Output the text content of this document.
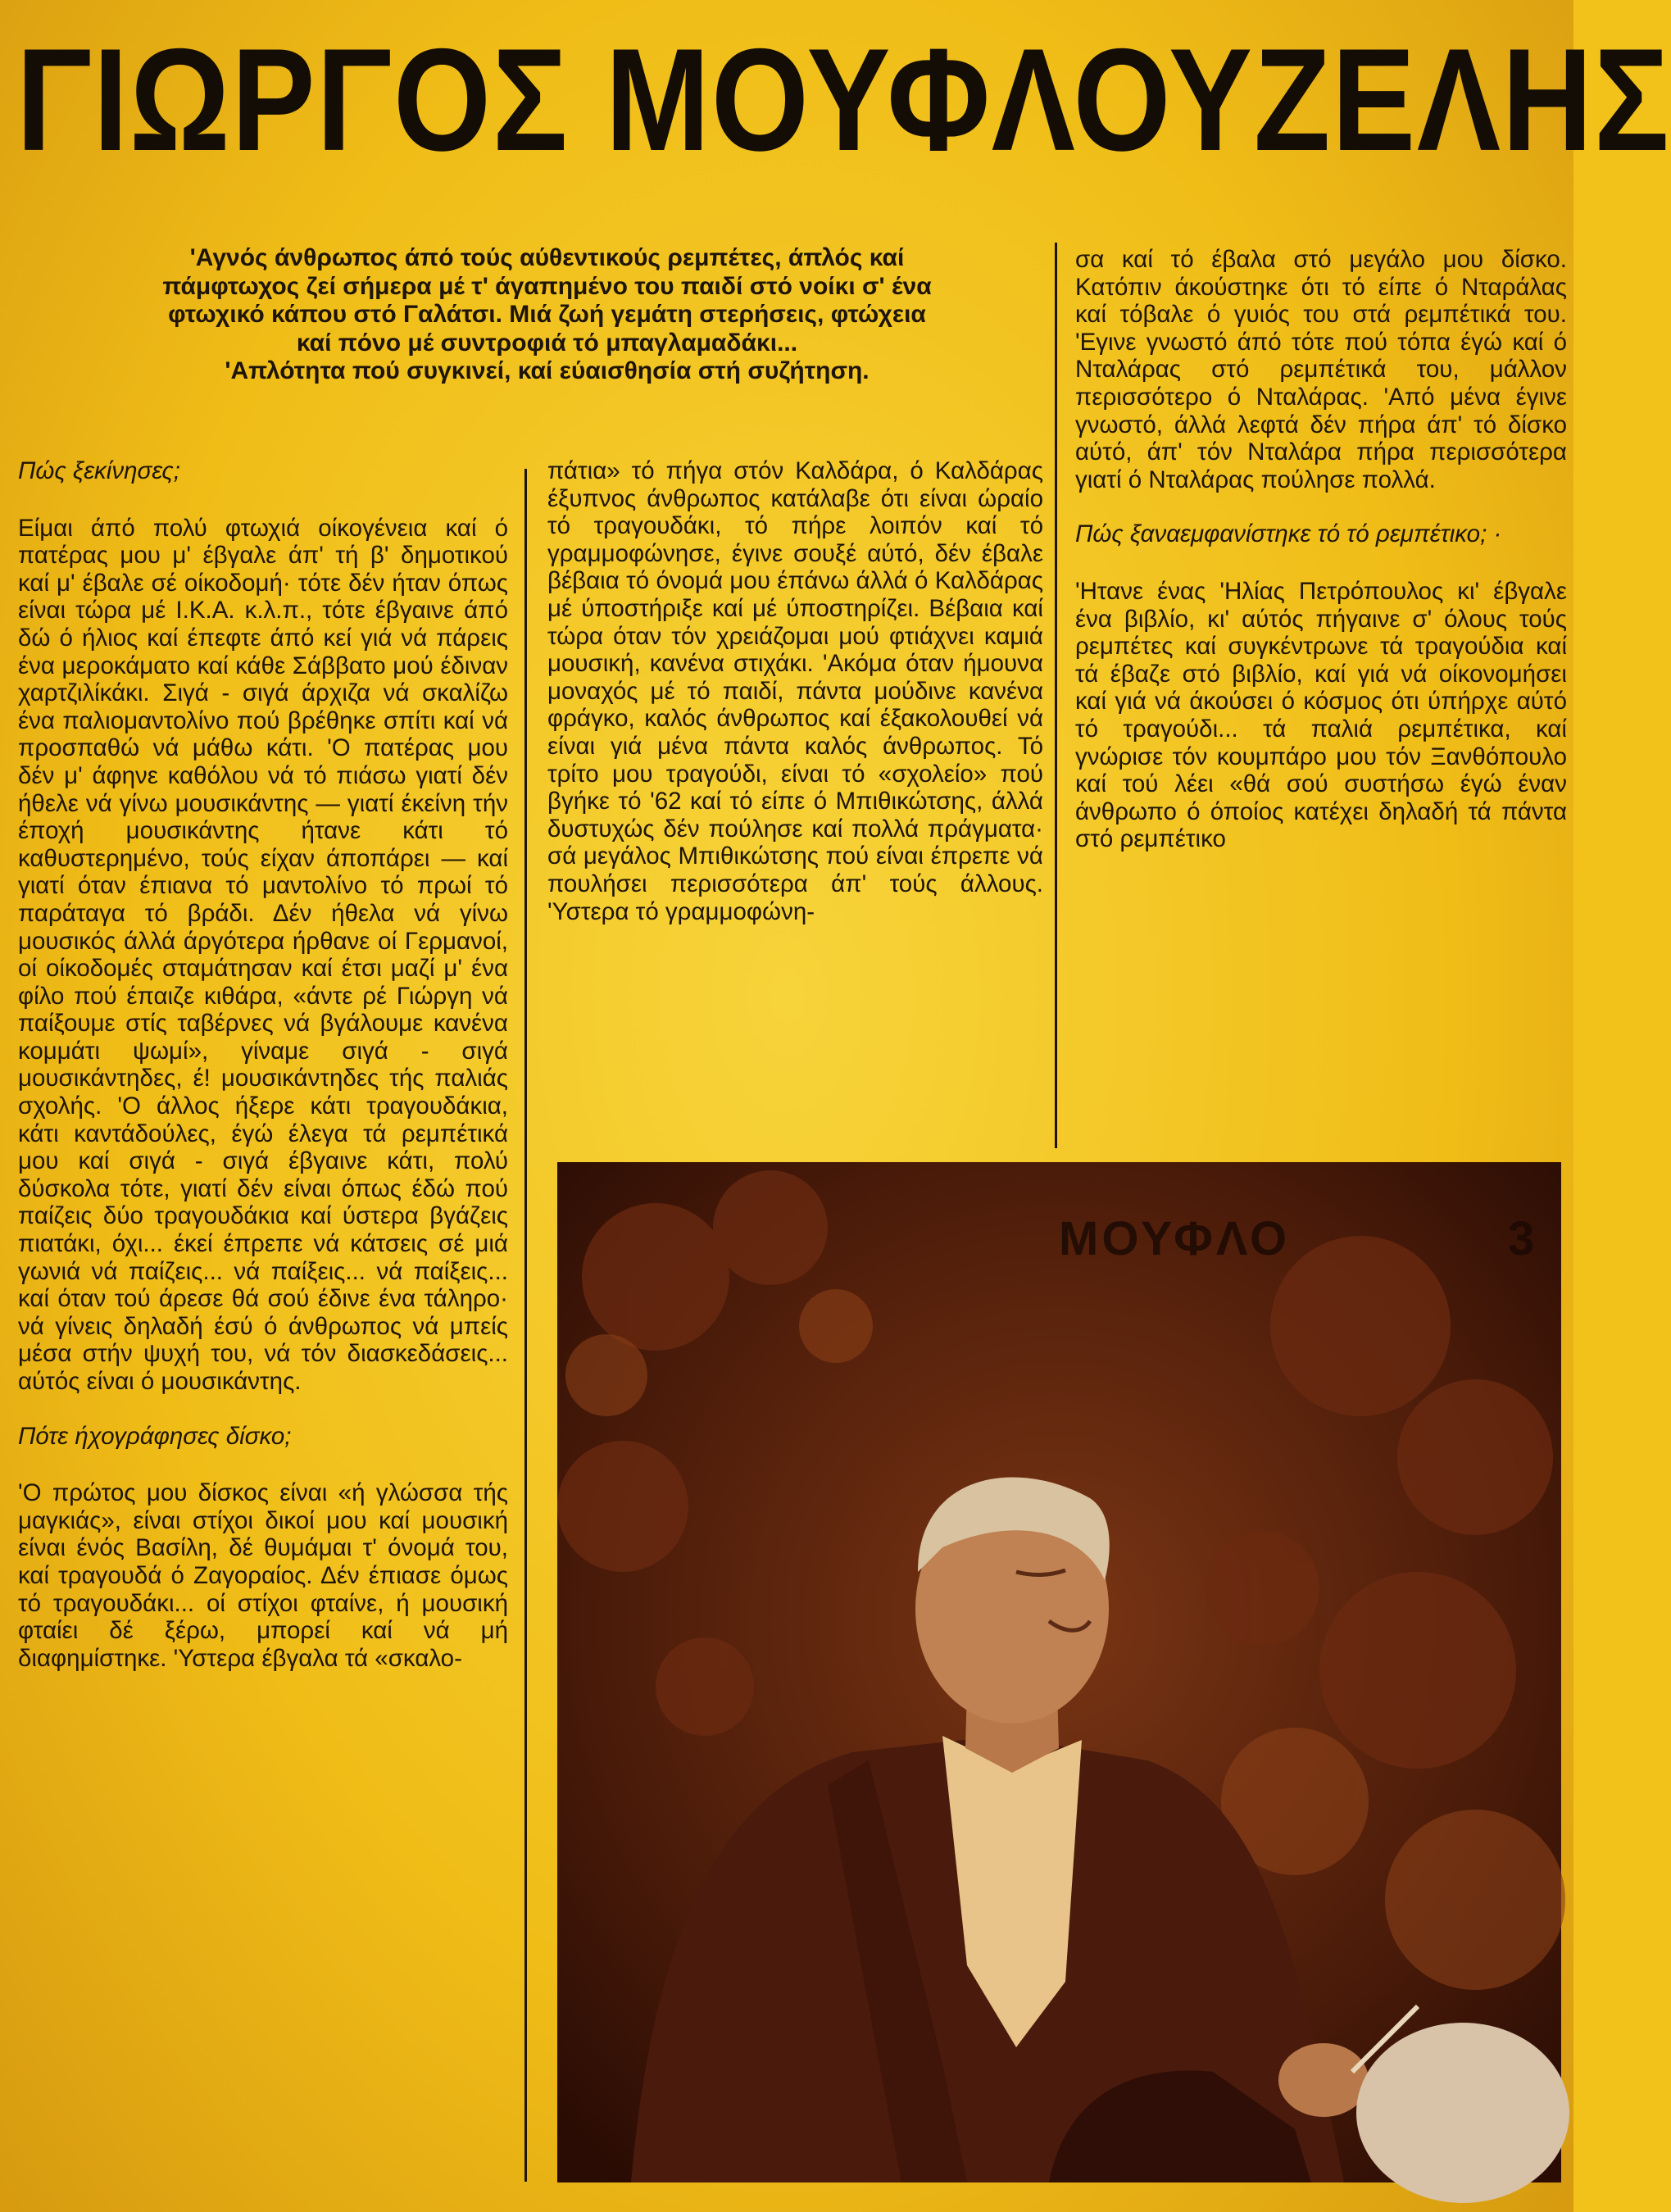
ΓΙΩΡΓΟΣ ΜΟΥΦΛΟΥΖΕΛΗΣ

'Αγνός άνθρωπος άπό τούς αύθεντικούς ρεμπέτες, άπλός καί

πάμφτωχος ζεί σήμερα μέ τ' άγαπημένο του παιδί στό νοίκι σ' ένα

φτωχικό κάπου στό Γαλάτσι. Μιά ζωή γεμάτη στερήσεις, φτώχεια

καί πόνο μέ συντροφιά τό μπαγλαμαδάκι...

'Απλότητα πού συγκινεί, καί εύαισθησία στή συζήτηση.

Πώς ξεκίνησες;

Είμαι άπό πολύ φτωχιά οίκογένεια καί ό πατέρας μου μ' έβγαλε άπ' τή β' δημοτικού καί μ' έβαλε σέ οίκοδομή· τότε δέν ήταν όπως είναι τώρα μέ Ι.Κ.Α. κ.λ.π., τότε έβγαινε άπό δώ ό ήλιος καί έπεφτε άπό κεί γιά νά πάρεις ένα μεροκάματο καί κάθε Σάββατο μού έδιναν χαρτζιλίκάκι. Σιγά - σιγά άρχιζα νά σκαλίζω ένα παλιομαντολίνο πού βρέθηκε σπίτι καί νά προσπαθώ νά μάθω κάτι. 'Ο πατέρας μου δέν μ' άφηνε καθόλου νά τό πιάσω γιατί δέν ήθελε νά γίνω μουσικάντης — γιατί έκείνη τήν έποχή μουσικάντης ήτανε κάτι τό καθυστερημένο, τούς είχαν άποπάρει — καί γιατί όταν έπιανα τό μαντολίνο τό πρωί τό παράταγα τό βράδι. Δέν ήθελα νά γίνω μουσικός άλλά άργότερα ήρθανε οί Γερμανοί, οί οίκοδομές σταμάτησαν καί έτσι μαζί μ' ένα φίλο πού έπαιζε κιθάρα, «άντε ρέ Γιώργη νά παίξουμε στίς ταβέρνες νά βγάλουμε κανένα κομμάτι ψωμί», γίναμε σιγά - σιγά μουσικάντηδες, έ! μουσικάντηδες τής παλιάς σχολής. 'Ο άλλος ήξερε κάτι τραγουδάκια, κάτι καντάδούλες, έγώ έλεγα τά ρεμπέτικά μου καί σιγά - σιγά έβγαινε κάτι, πολύ δύσκολα τότε, γιατί δέν είναι όπως έδώ πού παίζεις δύο τραγουδάκια καί ύστερα βγάζεις πιατάκι, όχι... έκεί έπρεπε νά κάτσεις σέ μιά γωνιά νά παίζεις... νά παίξεις... νά παίξεις... καί όταν τού άρεσε θά σού έδινε ένα τάληρο· νά γίνεις δηλαδή έσύ ό άνθρωπος νά μπείς μέσα στήν ψυχή του, νά τόν διασκεδάσεις... αύτός είναι ό μουσικάντης.

Πότε ήχογράφησες δίσκο;

'Ο πρώτος μου δίσκος είναι «ή γλώσσα τής μαγκιάς», είναι στίχοι δικοί μου καί μουσική είναι ένός Βασίλη, δέ θυμάμαι τ' όνομά του, καί τραγουδά ό Ζαγοραίος. Δέν έπιασε όμως τό τραγουδάκι... οί στίχοι φταίνε, ή μουσική φταίει δέ ξέρω, μπορεί καί νά μή διαφημίστηκε. 'Υστερα έβγαλα τά «σκαλο-

πάτια» τό πήγα στόν Καλδάρα, ό Καλδάρας έξυπνος άνθρωπος κατάλαβε ότι είναι ώραίο τό τραγουδάκι, τό πήρε λοιπόν καί τό γραμμοφώνησε, έγινε σουξέ αύτό, δέν έβαλε βέβαια τό όνομά μου έπάνω άλλά ό Καλδάρας μέ ύποστήριξε καί μέ ύποστηρίζει. Βέβαια καί τώρα όταν τόν χρειάζομαι μού φτιάχνει καμιά μουσική, κανένα στιχάκι. 'Ακόμα όταν ήμουνα μοναχός μέ τό παιδί, πάντα μούδινε κανένα φράγκο, καλός άνθρωπος καί έξακολουθεί νά είναι γιά μένα πάντα καλός άνθρωπος. Τό τρίτο μου τραγούδι, είναι τό «σχολείο» πού βγήκε τό '62 καί τό είπε ό Μπιθικώτσης, άλλά δυστυχώς δέν πούλησε καί πολλά πράγματα· σά μεγάλος Μπιθικώτσης πού είναι έπρεπε νά πουλήσει περισσότερα άπ' τούς άλλους. 'Υστερα τό γραμμοφώνη-

σα καί τό έβαλα στό μεγάλο μου δίσκο. Κατόπιν άκούστηκε ότι τό είπε ό Νταράλας καί τόβαλε ό γυιός του στά ρεμπέτικά του. 'Εγινε γνωστό άπό τότε πού τόπα έγώ καί ό Νταλάρας στό ρεμπέτικά του, μάλλον περισσότερο ό Νταλάρας. 'Από μένα έγινε γνωστό, άλλά λεφτά δέν πήρα άπ' τό δίσκο αύτό, άπ' τόν Νταλάρα πήρα περισσότερα γιατί ό Νταλάρας πούλησε πολλά.

Πώς ξαναεμφανίστηκε τό τό ρεμπέτικο; ·

'Ητανε ένας 'Ηλίας Πετρόπουλος κι' έβγαλε ένα βιβλίο, κι' αύτός πήγαινε σ' όλους τούς ρεμπέτες καί συγκέντρωνε τά τραγούδια καί τά έβαζε στό βιβλίο, καί γιά νά οίκονομήσει καί γιά νά άκούσει ό κόσμος ότι ύπήρχε αύτό τό τραγούδι... τά παλιά ρεμπέτικα, καί γνώρισε τόν κουμπάρο μου τόν Ξανθόπουλο καί τού λέει «θά σού συστήσω έγώ έναν άνθρωπο ό όποίος κατέχει δηλαδή τά πάντα στό ρεμπέτικο

ΜΟΥΦΛΟ	3
